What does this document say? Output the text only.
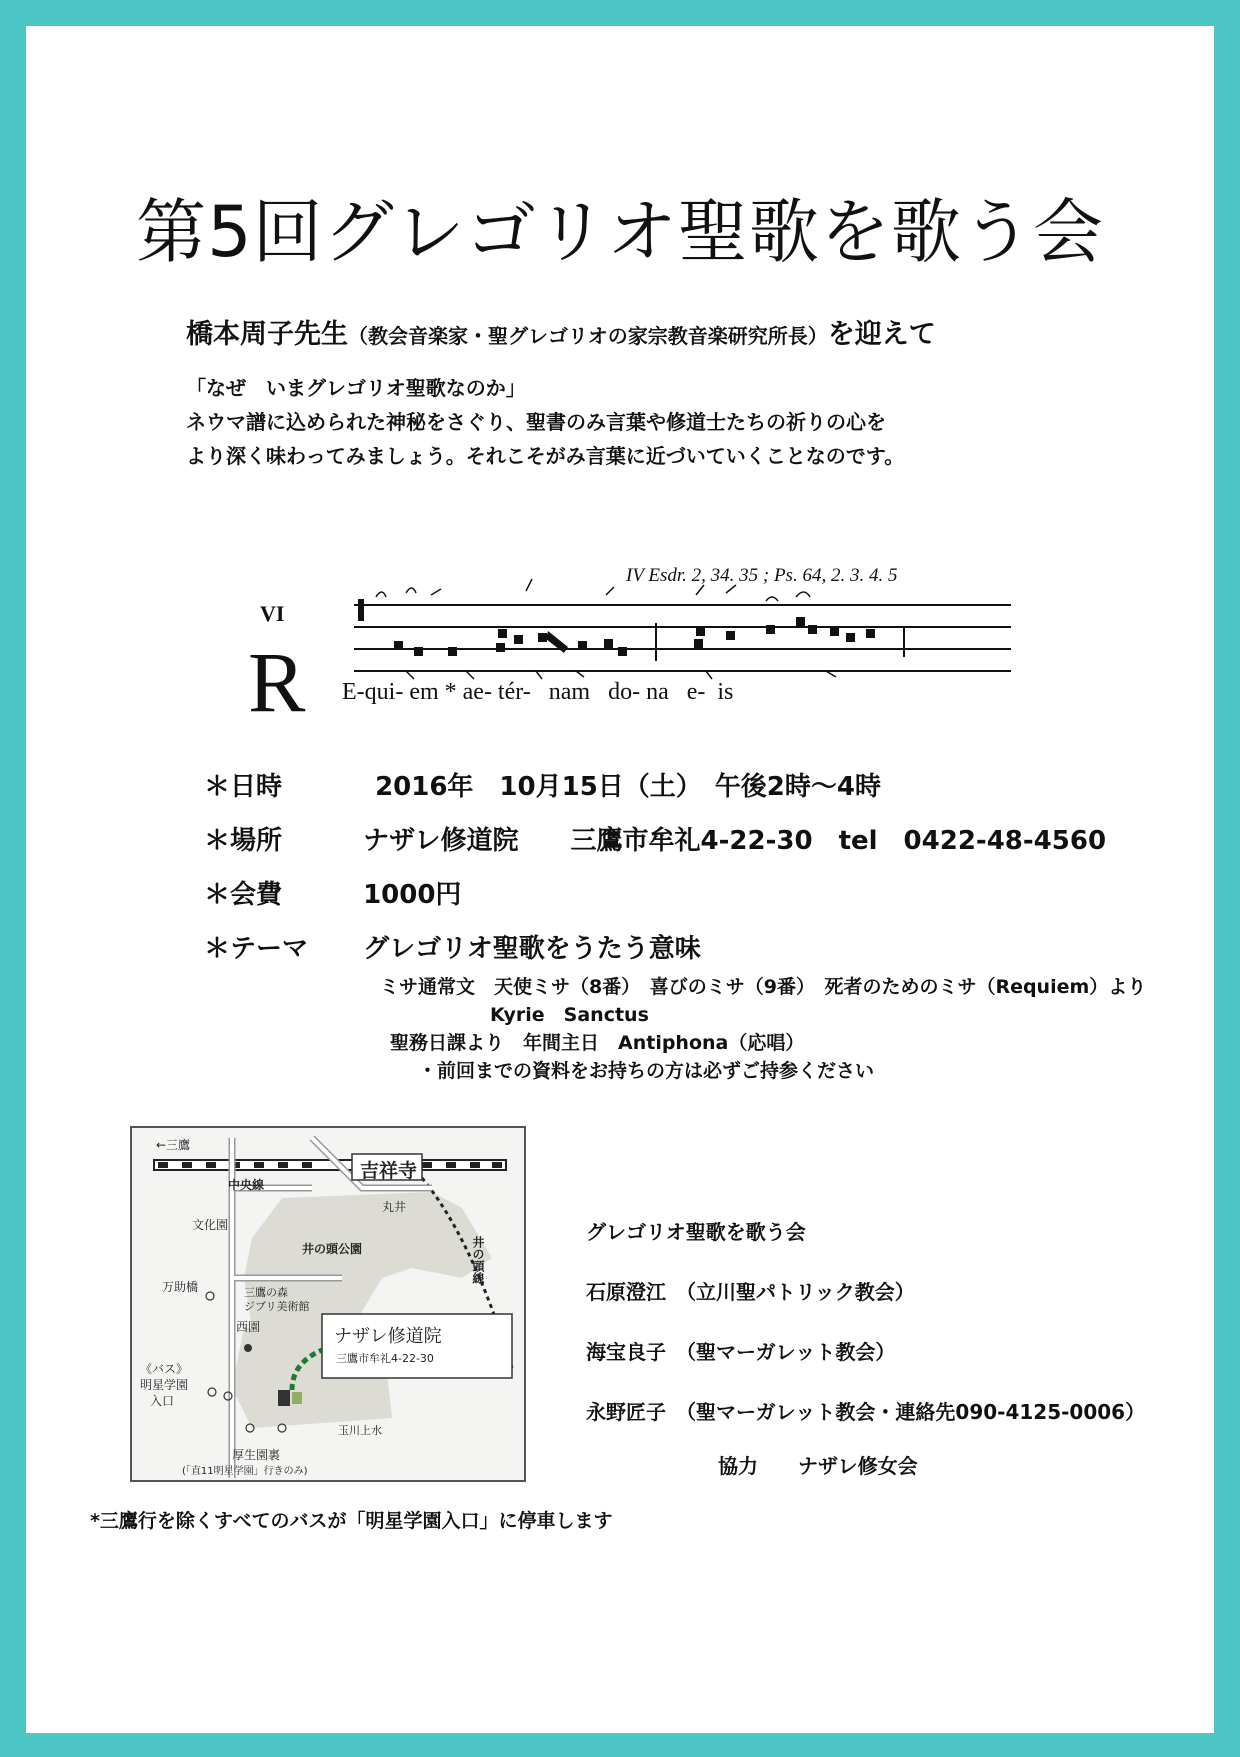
第5回グレゴリオ聖歌を歌う会
橋本周子先生（教会音楽家・聖グレゴリオの家宗教音楽研究所長）を迎えて
「なぜ　いまグレゴリオ聖歌なのか」
ネウマ譜に込められた神秘をさぐり、聖書のみ言葉や修道士たちの祈りの心を
より深く味わってみましょう。それこそがみ言葉に近づいていくことなのです。
VI
R
IV Esdr. 2, 34. 35 ; Ps. 64, 2. 3. 4. 5
E-qui- em * ae- tér-   nam   do- na   e-  is
＊日時	2016年　10月15日（土）　午後2時～4時
＊場所	ナザレ修道院　　三鷹市牟礼4-22-30　tel　0422-48-4560
＊会費	1000円
＊テーマ グレゴリオ聖歌をうたう意味
ミサ通常文　天使ミサ（8番）　喜びのミサ（9番）　死者のためのミサ（Requiem）より
Kyrie　Sanctus
聖務日課より　年間主日　Antiphona（応唱）
・前回までの資料をお持ちの方は必ずご持参ください
←三鷹
吉祥寺
中央線
丸井
井の頭線
文化園
井の頭公園
万助橋	三鷹の森
ジブリ美術館
西園	ナザレ修道院
三鷹市牟礼4-22-30
《バス》
明星学園
入口
玉川上水
厚生園裏
(「直11明星学園」行きのみ)
グレゴリオ聖歌を歌う会
石原澄江　（立川聖パトリック教会）
海宝良子　（聖マーガレット教会）
永野匠子　（聖マーガレット教会・連絡先090-4125-0006）
協力　　ナザレ修女会
*三鷹行を除くすべてのバスが「明星学園入口」に停車します
